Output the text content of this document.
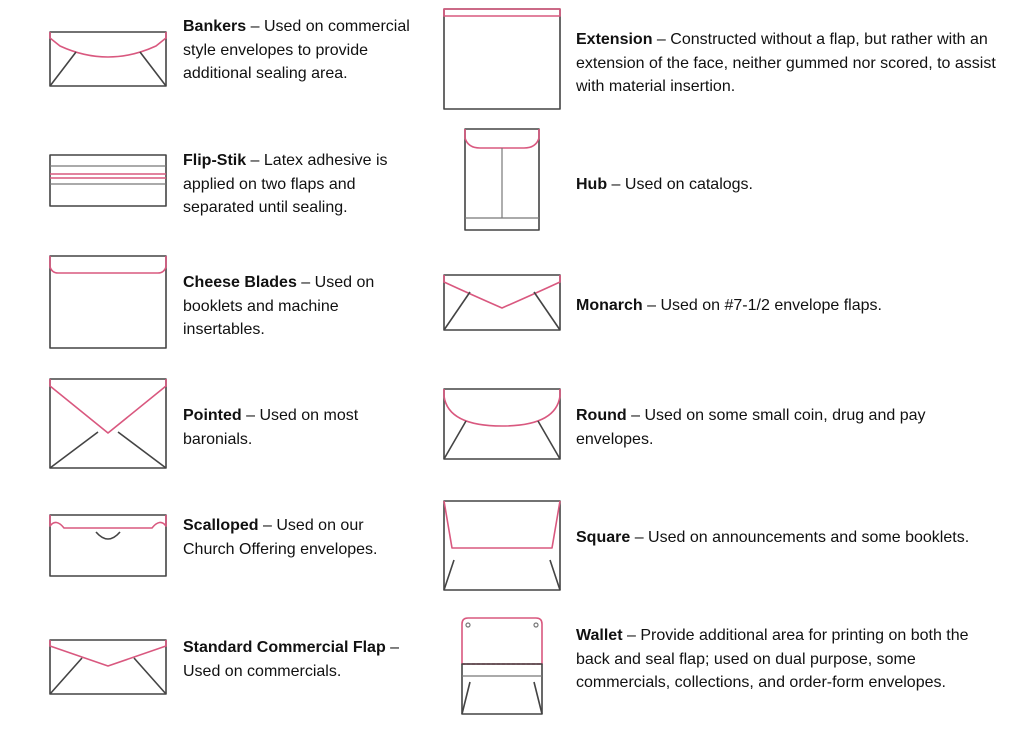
Bankers – Used on commercial style envelopes to provide additional sealing area.

Flip-Stik – Latex adhesive is applied on two flaps and separated until sealing.

Cheese Blades – Used on booklets and machine insertables.

Pointed – Used on most baronials.

Scalloped – Used on our Church Offering envelopes.

Standard Commercial Flap – Used on commercials.

Extension – Constructed without a flap, but rather with an extension of the face, neither gummed nor scored, to assist with material insertion.

Hub – Used on catalogs.

Monarch – Used on #7-1/2 envelope flaps.

Round – Used on some small coin, drug and pay envelopes.

Square – Used on announcements and some booklets.

Wallet – Provide additional area for printing on both the back and seal flap; used on dual purpose, some commercials, collections, and order-form envelopes.
